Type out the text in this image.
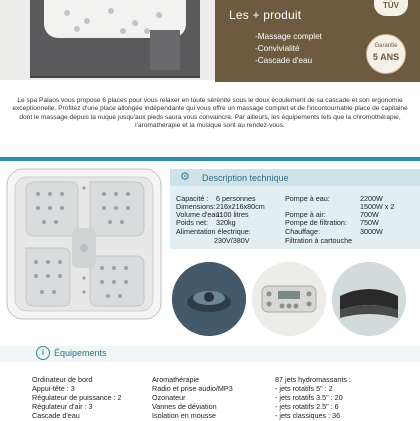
Les + produit
-Massage complet
-Convivialité
-Cascade d'eau
TÜV
Garantie
5 ANS
Le spa Palaos vous propose 6 places pour vous relaxer en toute sérénité sous le doux écoulement de sa cascade et son ergonomie exceptionnelle. Profitez d'une place allongée indépendante qui vous offre un massage complet et de l'incontournable place de capitaine dont le massage depuis la nuque jusqu'aux pieds saura vous convaincre. Par ailleurs, les équipements tels que la chromothérapie, l'aromathérapie et la musique sont au rendez-vous.
⚙ Description technique
Capacité :
Dimensions:
Volume d'eau:
Poids net:
Alimentation électrique:
6 personnes
216x216x80cm
1100 litres
320kg
230V/380V
Pompe à eau:
Pompe à air:
Pompe de filtration:
Chauffage:
Filtration à cartouche
2200W
1500W x 2
700W
750W
3000W
i	Équipements
Ordinateur de bord
Appui-tête : 3
Régulateur de puissance : 2
Régulateur d'air : 3
Cascade d'eau
Aromathérapie
Radio et prise audio/MP3
Ozonateur
Vannes de déviation
Isolation en mousse
87 jets hydromassants :
- jets rotatifs 5" : 2
- jets rotatifs 3.5" : 20
- jets rotatifs 2.5" : 6
- jets classiques : 36
